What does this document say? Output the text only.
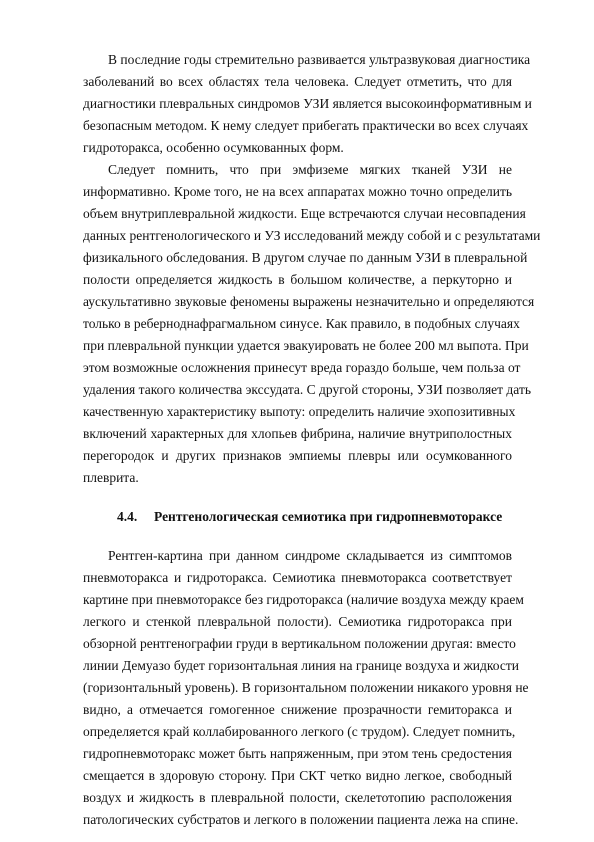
В последние годы стремительно развивается ультразвуковая диагностика
заболеваний во всех областях тела человека. Следует отметить, что для
диагностики плевральных синдромов УЗИ является высокоинформативным и
безопасным методом. К нему следует прибегать практически во всех случаях
гидроторакса, особенно осумкованных форм.
Следует помнить, что при эмфиземе мягких тканей УЗИ не
информативно. Кроме того, не на всех аппаратах можно точно определить
объем внутриплевральной жидкости. Еще встречаются случаи несовпадения
данных рентгенологического и УЗ исследований между собой и с результатами
физикального обследования. В другом случае по данным УЗИ в плевральной
полости определяется жидкость в большом количестве, а перкуторно и
аускультативно звуковые феномены выражены незначительно и определяются
только в реберноднафрагмальном синусе. Как правило, в подобных случаях
при плевральной пункции удается эвакуировать не более 200 мл выпота. При
этом возможные осложнения принесут вреда гораздо больше, чем польза от
удаления такого количества экссудата. С другой стороны, УЗИ позволяет дать
качественную характеристику выпоту: определить наличие эхопозитивных
включений характерных для хлопьев фибрина, наличие внутриполостных
перегородок и других признаков эмпиемы плевры или осумкованного
плеврита.
4.4. Рентгенологическая семиотика при гидропневмотораксе
Рентген-картина при данном синдроме складывается из симптомов
пневмоторакса и гидроторакса. Семиотика пневмоторакса соответствует
картине при пневмотораксе без гидроторакса (наличие воздуха между краем
легкого и стенкой плевральной полости). Семиотика гидроторакса при
обзорной рентгенографии груди в вертикальном положении другая: вместо
линии Демуазо будет горизонтальная линия на границе воздуха и жидкости
(горизонтальный уровень). В горизонтальном положении никакого уровня не
видно, а отмечается гомогенное снижение прозрачности гемиторакса и
определяется край коллабированного легкого (с трудом). Следует помнить,
гидропневмоторакс может быть напряженным, при этом тень средостения
смещается в здоровую сторону. При СКТ четко видно легкое, свободный
воздух и жидкость в плевральной полости, скелетотопию расположения
патологических субстратов и легкого в положении пациента лежа на спине.
